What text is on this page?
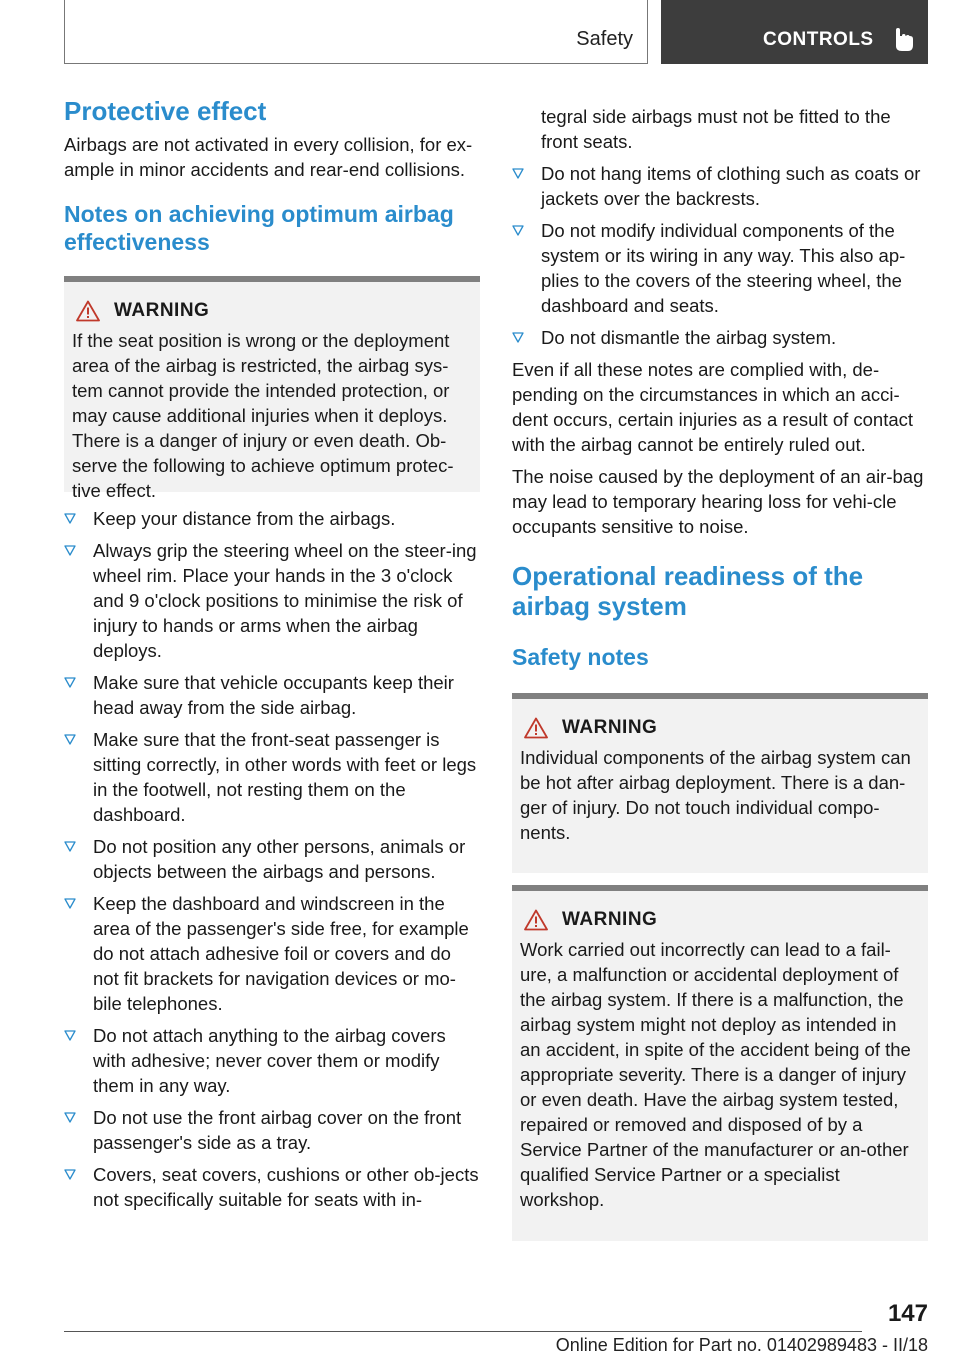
Safety	CONTROLS
Protective effect

Airbags are not activated in every collision, for ex-ample in minor accidents and rear-end collisions.

Notes on achieving optimum airbag effectiveness
WARNING

If the seat position is wrong or the deployment area of the airbag is restricted, the airbag sys-tem cannot provide the intended protection, or may cause additional injuries when it deploys. There is a danger of injury or even death. Ob-serve the following to achieve optimum protec-tive effect.

Keep your distance from the airbags.
Always grip the steering wheel on the steer-ing wheel rim. Place your hands in the 3 o'clock and 9 o'clock positions to minimise the risk of injury to hands or arms when the airbag deploys.
Make sure that vehicle occupants keep their head away from the side airbag.
Make sure that the front-seat passenger is sitting correctly, in other words with feet or legs in the footwell, not resting them on the dashboard.
Do not position any other persons, animals or objects between the airbags and persons.
Keep the dashboard and windscreen in the area of the passenger's side free, for example do not attach adhesive foil or covers and do not fit brackets for navigation devices or mo-bile telephones.
Do not attach anything to the airbag covers with adhesive; never cover them or modify them in any way.
Do not use the front airbag cover on the front passenger's side as a tray.
Covers, seat covers, cushions or other ob-jects not specifically suitable for seats with in-

tegral side airbags must not be fitted to the front seats.

Do not hang items of clothing such as coats or jackets over the backrests.
Do not modify individual components of the system or its wiring in any way. This also ap-plies to the covers of the steering wheel, the dashboard and seats.
Do not dismantle the airbag system.

Even if all these notes are complied with, de-pending on the circumstances in which an acci-dent occurs, certain injuries as a result of contact with the airbag cannot be entirely ruled out.

The noise caused by the deployment of an air-bag may lead to temporary hearing loss for vehi-cle occupants sensitive to noise.

Operational readiness of the airbag system
Safety notes
WARNING

Individual components of the airbag system can be hot after airbag deployment. There is a dan-ger of injury. Do not touch individual compo-nents.

WARNING

Work carried out incorrectly can lead to a fail-ure, a malfunction or accidental deployment of the airbag system. If there is a malfunction, the airbag system might not deploy as intended in an accident, in spite of the accident being of the appropriate severity. There is a danger of injury or even death. Have the airbag system tested, repaired or removed and disposed of by a Service Partner of the manufacturer or an-other qualified Service Partner or a specialist workshop.

147
Online Edition for Part no. 01402989483 - II/18
